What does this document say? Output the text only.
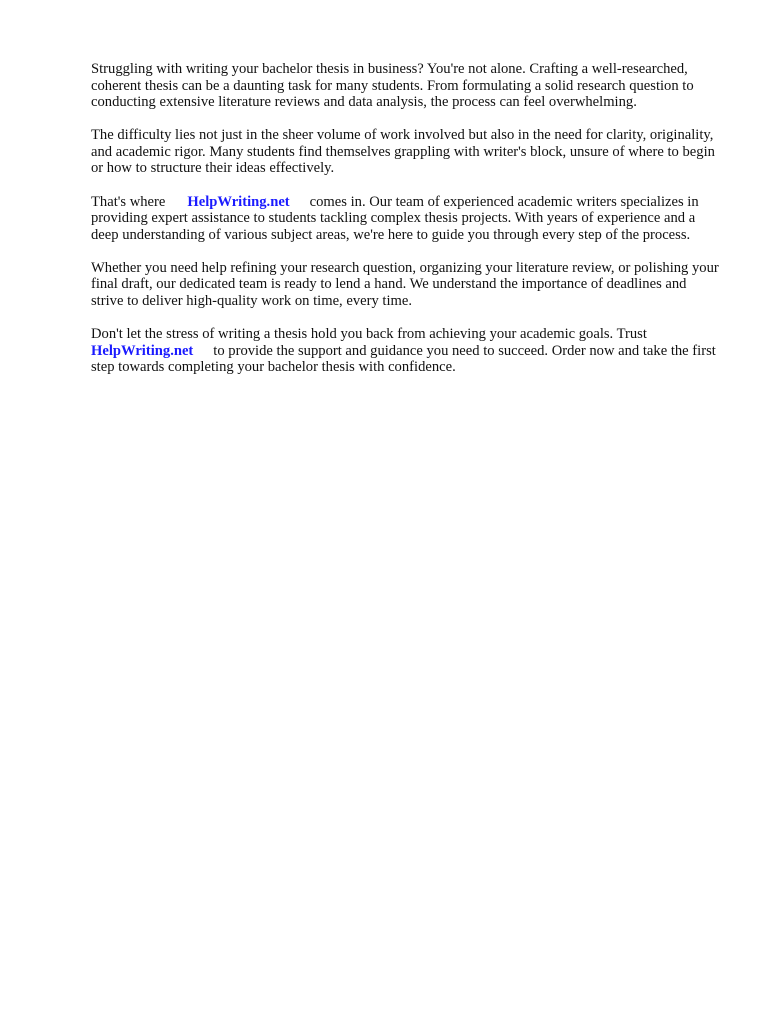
Struggling with writing your bachelor thesis in business? You're not alone. Crafting a well-researched, coherent thesis can be a daunting task for many students. From formulating a solid research question to conducting extensive literature reviews and data analysis, the process can feel overwhelming.

The difficulty lies not just in the sheer volume of work involved but also in the need for clarity, originality, and academic rigor. Many students find themselves grappling with writer's block, unsure of where to begin or how to structure their ideas effectively.

That's where HelpWriting.net comes in. Our team of experienced academic writers specializes in providing expert assistance to students tackling complex thesis projects. With years of experience and a deep understanding of various subject areas, we're here to guide you through every step of the process.

Whether you need help refining your research question, organizing your literature review, or polishing your final draft, our dedicated team is ready to lend a hand. We understand the importance of deadlines and strive to deliver high-quality work on time, every time.

Don't let the stress of writing a thesis hold you back from achieving your academic goals. Trust HelpWriting.net to provide the support and guidance you need to succeed. Order now and take the first step towards completing your bachelor thesis with confidence.
